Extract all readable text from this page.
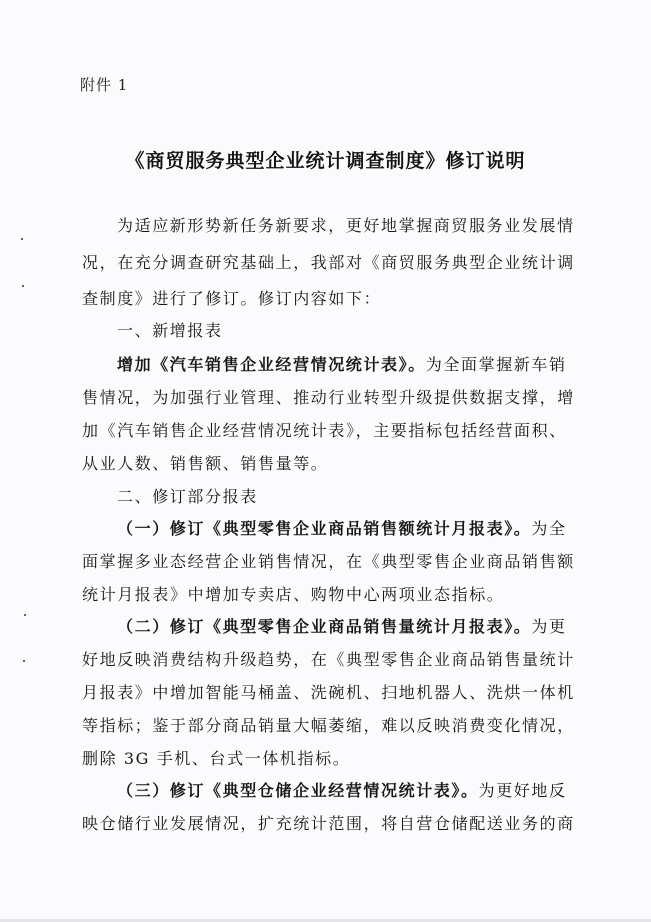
附件 1
《商贸服务典型企业统计调查制度》修订说明
为适应新形势新任务新要求，更好地掌握商贸服务业发展情
况，在充分调查研究基础上，我部对《商贸服务典型企业统计调
查制度》进行了修订。修订内容如下：
一、新增报表
增加《汽车销售企业经营情况统计表》。为全面掌握新车销
售情况，为加强行业管理、推动行业转型升级提供数据支撑，增
加《汽车销售企业经营情况统计表》，主要指标包括经营面积、
从业人数、销售额、销售量等。
二、修订部分报表
（一）修订《典型零售企业商品销售额统计月报表》。为全
面掌握多业态经营企业销售情况，在《典型零售企业商品销售额
统计月报表》中增加专卖店、购物中心两项业态指标。
（二）修订《典型零售企业商品销售量统计月报表》。为更
好地反映消费结构升级趋势，在《典型零售企业商品销售量统计
月报表》中增加智能马桶盖、洗碗机、扫地机器人、洗烘一体机
等指标；鉴于部分商品销量大幅萎缩，难以反映消费变化情况，
删除 3G 手机、台式一体机指标。
（三）修订《典型仓储企业经营情况统计表》。为更好地反
映仓储行业发展情况，扩充统计范围，将自营仓储配送业务的商
